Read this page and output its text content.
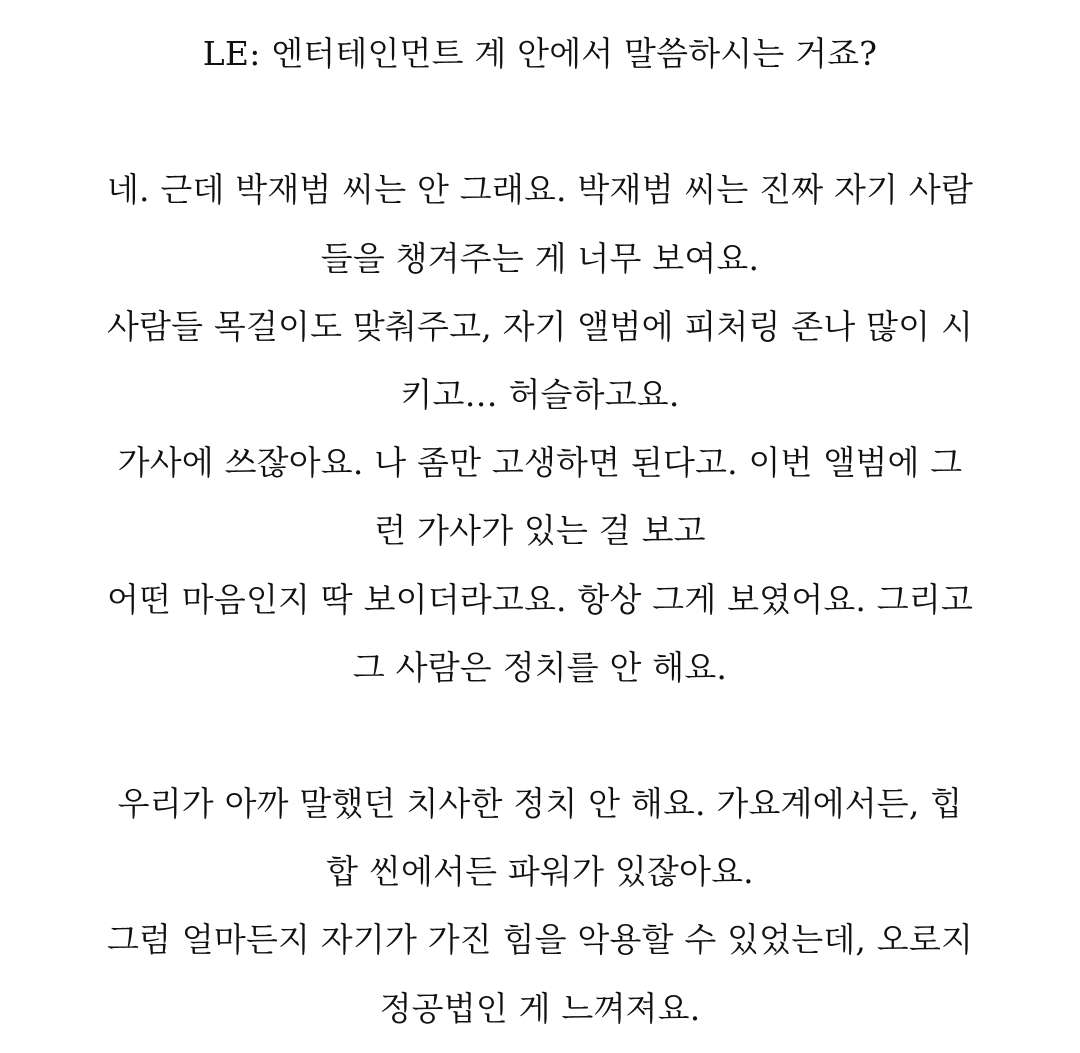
LE: 엔터테인먼트 계 안에서 말씀하시는 거죠?
네. 근데 박재범 씨는 안 그래요. 박재범 씨는 진짜 자기 사람
들을 챙겨주는 게 너무 보여요.
사람들 목걸이도 맞춰주고, 자기 앨범에 피처링 존나 많이 시
키고… 허슬하고요.
가사에 쓰잖아요. 나 좀만 고생하면 된다고. 이번 앨범에 그
런 가사가 있는 걸 보고
어떤 마음인지 딱 보이더라고요. 항상 그게 보였어요. 그리고
그 사람은 정치를 안 해요.
우리가 아까 말했던 치사한 정치 안 해요. 가요계에서든, 힙
합 씬에서든 파워가 있잖아요.
그럼 얼마든지 자기가 가진 힘을 악용할 수 있었는데, 오로지
정공법인 게 느껴져요.
